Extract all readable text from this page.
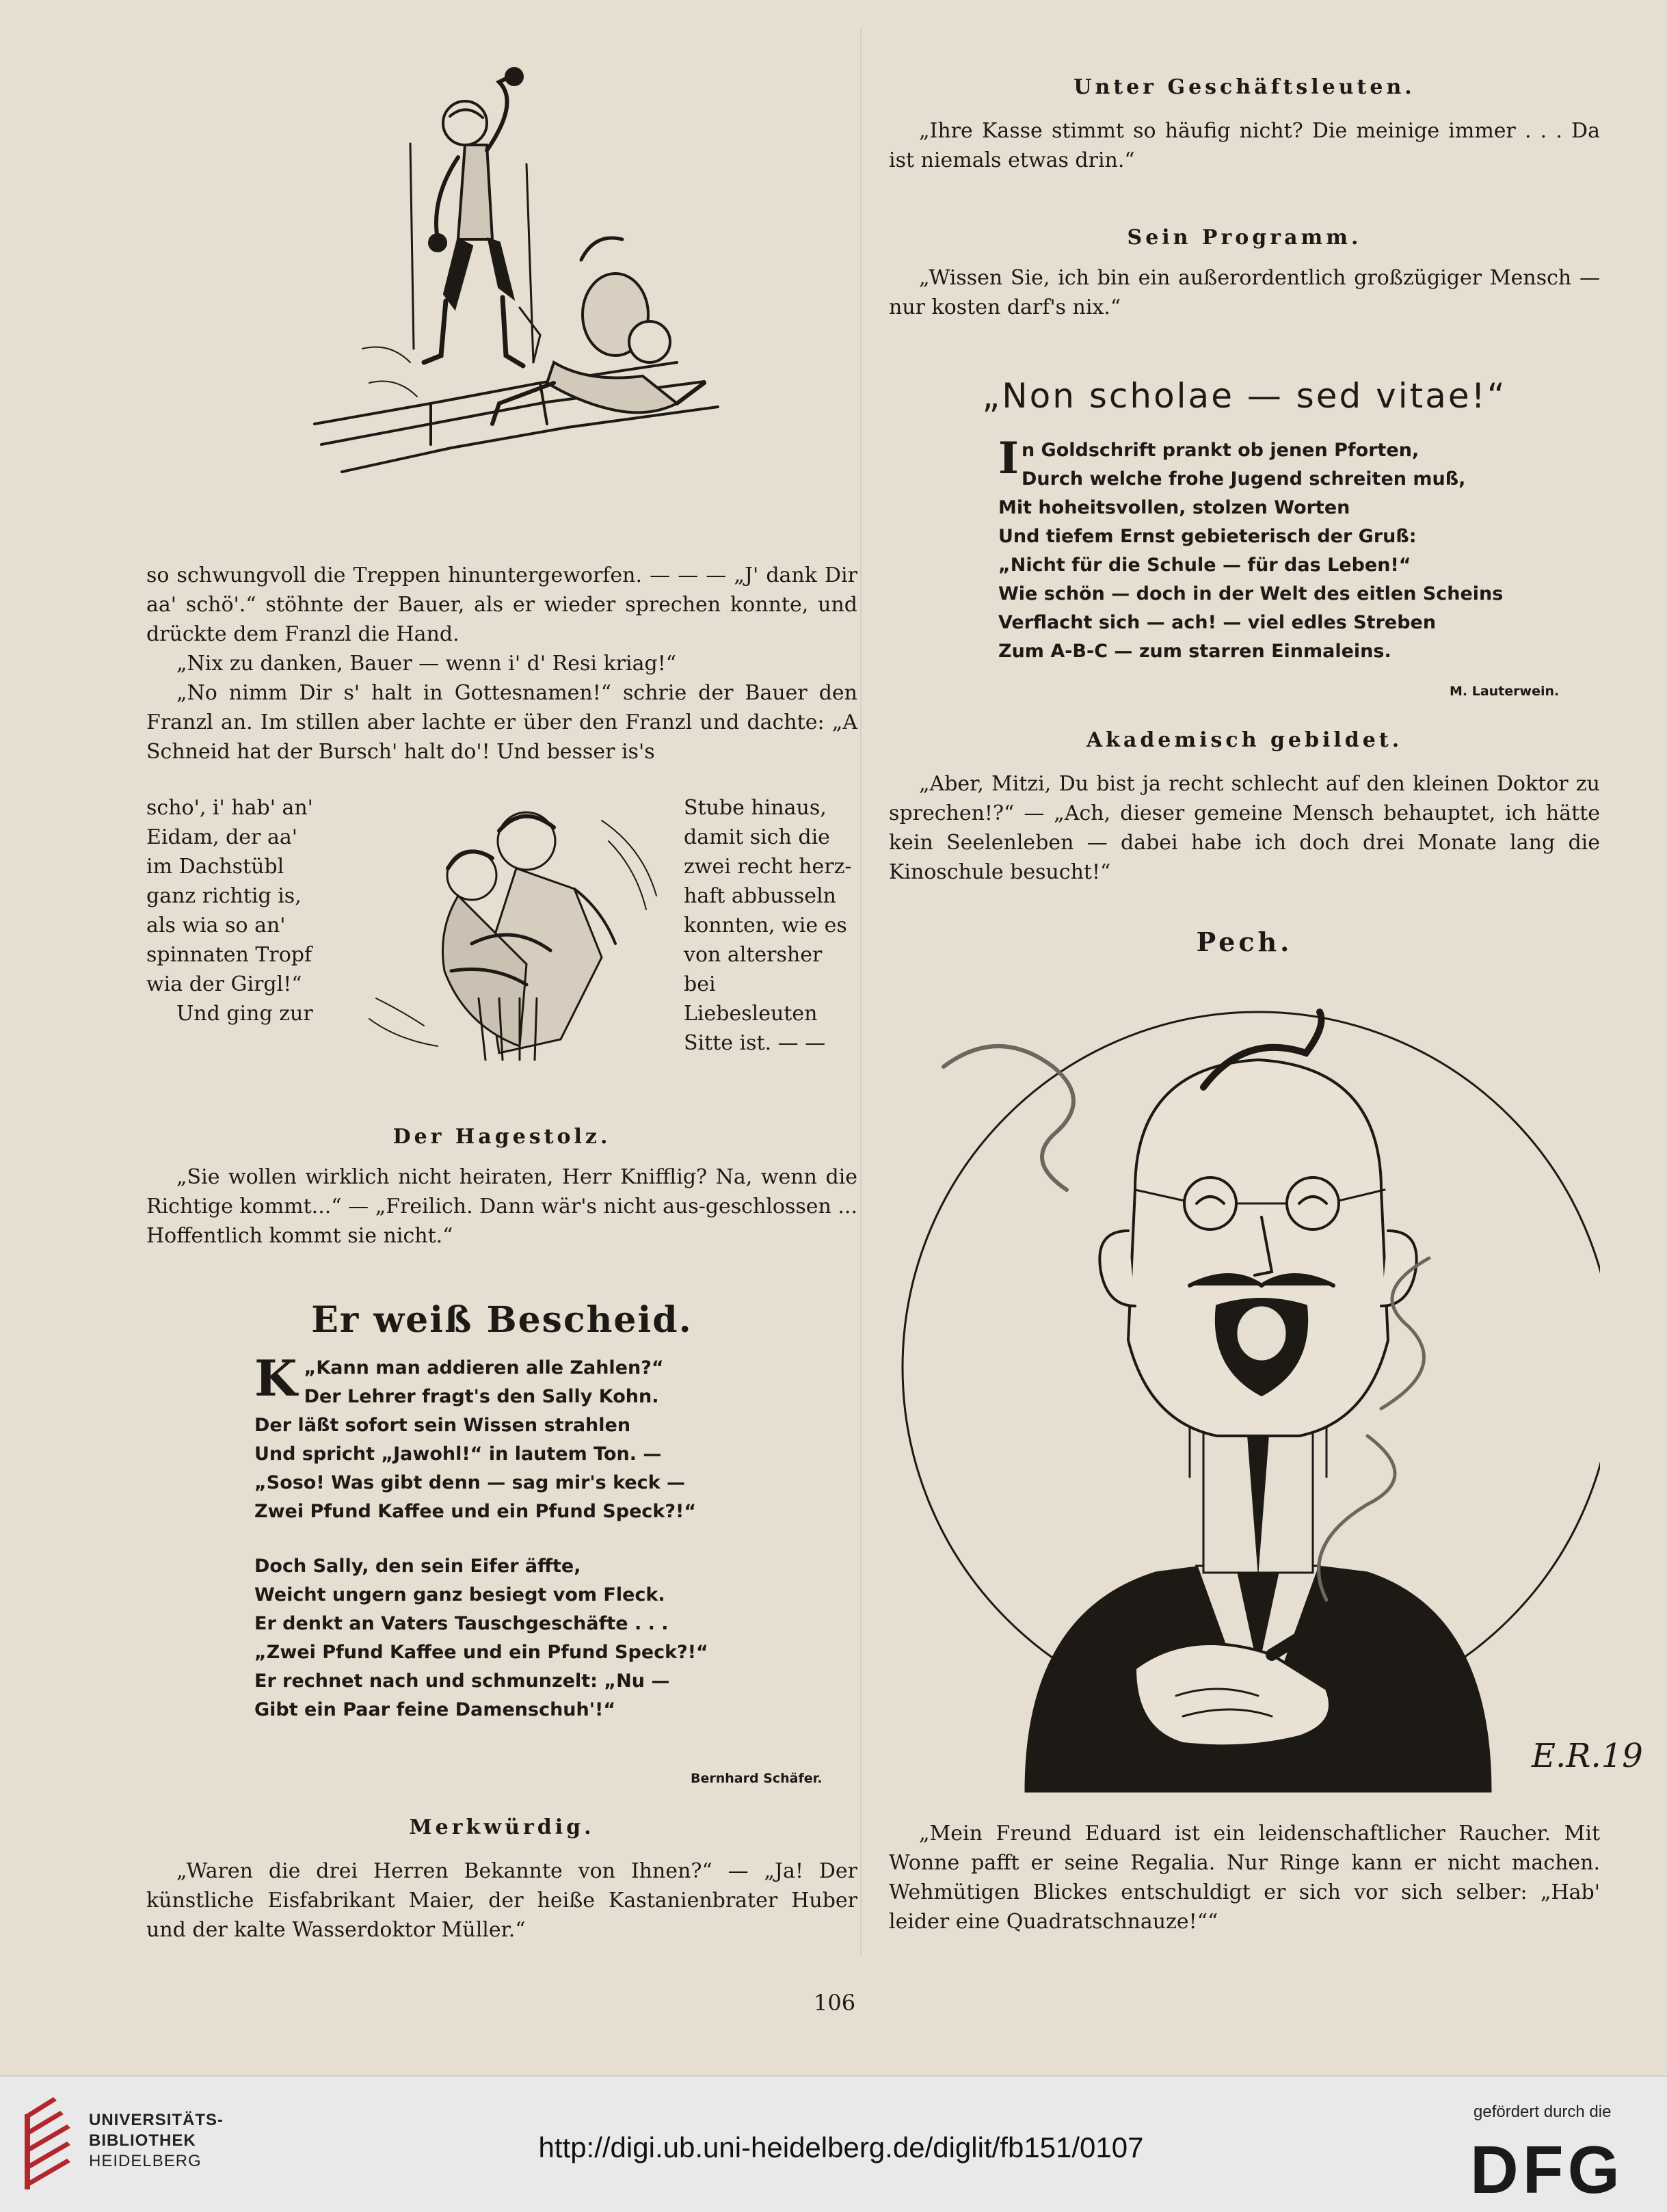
so schwungvoll die Treppen hinuntergeworfen. — — — „J' dank Dir aa' schö'.“ stöhnte der Bauer, als er wieder sprechen konnte, und drückte dem Franzl die Hand.

„Nix zu danken, Bauer — wenn i' d' Resi kriag!“

„No nimm Dir s' halt in Gottesnamen!“ schrie der Bauer den Franzl an. Im stillen aber lachte er über den Franzl und dachte: „A Schneid hat der Bursch' halt do'! Und besser is's

scho', i' hab' an'
Eidam, der aa'
im Dachstübl
ganz richtig is,
als wia so an'
spinnaten Tropf
wia der Girgl!“
Und ging zur
Stube hinaus,
damit sich die
zwei recht herz-
haft abbusseln
konnten, wie es
von altersher
bei Liebesleuten
Sitte ist. — —
Der Hagestolz.

„Sie wollen wirklich nicht heiraten, Herr Knifflig? Na, wenn die Richtige kommt...“ — „Freilich. Dann wär's nicht aus-geschlossen ... Hoffentlich kommt sie nicht.“

Er weiß Bescheid.
K „Kann man addieren alle Zahlen?“
Der Lehrer fragt's den Sally Kohn.
Der läßt sofort sein Wissen strahlen
Und spricht „Jawohl!“ in lautem Ton. —
„Soso! Was gibt denn — sag mir's keck —
Zwei Pfund Kaffee und ein Pfund Speck?!“
Doch Sally, den sein Eifer äffte,
Weicht ungern ganz besiegt vom Fleck.
Er denkt an Vaters Tauschgeschäfte . . .
„Zwei Pfund Kaffee und ein Pfund Speck?!“
Er rechnet nach und schmunzelt: „Nu —
Gibt ein Paar feine Damenschuh'!“
Bernhard Schäfer.
Merkwürdig.

„Waren die drei Herren Bekannte von Ihnen?“ — „Ja! Der künstliche Eisfabrikant Maier, der heiße Kastanienbrater Huber und der kalte Wasserdoktor Müller.“

Unter Geschäftsleuten.

„Ihre Kasse stimmt so häufig nicht? Die meinige immer . . . Da ist niemals etwas drin.“

Sein Programm.

„Wissen Sie, ich bin ein außerordentlich großzügiger Mensch — nur kosten darf's nix.“

„Non scholae — sed vitae!“
I n Goldschrift prankt ob jenen Pforten,
Durch welche frohe Jugend schreiten muß,
Mit hoheitsvollen, stolzen Worten
Und tiefem Ernst gebieterisch der Gruß:
„Nicht für die Schule — für das Leben!“
Wie schön — doch in der Welt des eitlen Scheins
Verflacht sich — ach! — viel edles Streben
Zum A-B-C — zum starren Einmaleins.
M. Lauterwein.
Akademisch gebildet.

„Aber, Mitzi, Du bist ja recht schlecht auf den kleinen Doktor zu sprechen!?“ — „Ach, dieser gemeine Mensch behauptet, ich hätte kein Seelenleben — dabei habe ich doch drei Monate lang die Kinoschule besucht!“

Pech.
E.R.19

„Mein Freund Eduard ist ein leidenschaftlicher Raucher. Mit Wonne pafft er seine Regalia. Nur Ringe kann er nicht machen. Wehmütigen Blickes entschuldigt er sich vor sich selber: „Hab' leider eine Quadratschnauze!““

106
UNIVERSITÄTS-
BIBLIOTHEK
HEIDELBERG	http://digi.ub.uni-heidelberg.de/diglit/fb151/0107
gefördert durch die
DFG
